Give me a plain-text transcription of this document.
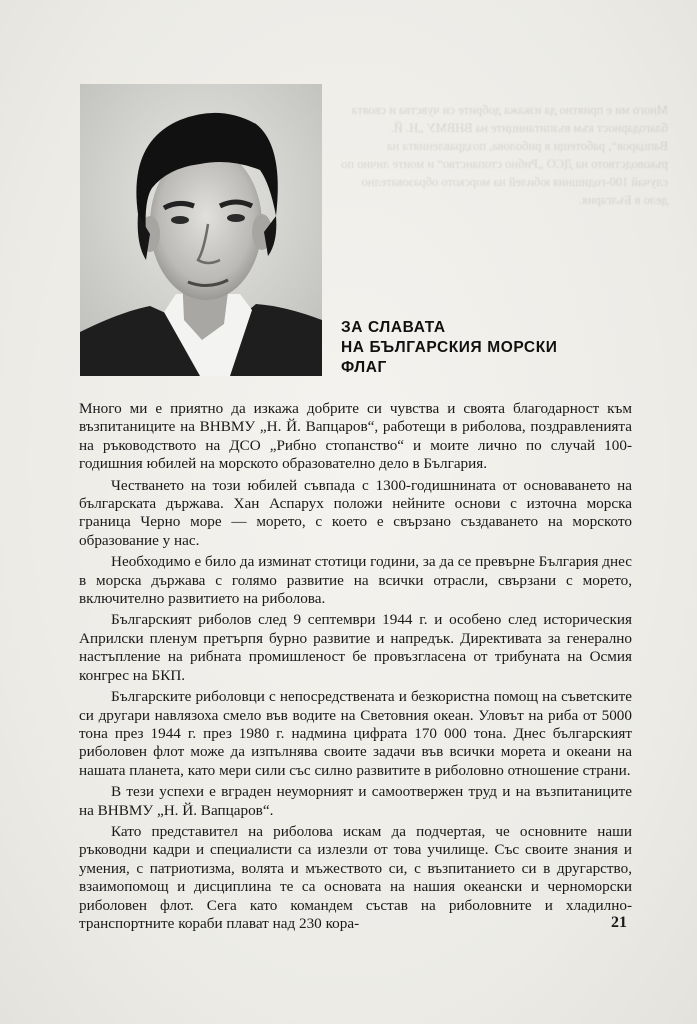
Много ми е приятно да изкажа добрите си чувства и своята благодарност към възпитаниците на ВНВМУ „Н. Й. Вапцаров“, работещи в риболова, поздравленията на ръководството на ДСО „Рибно стопанство“ и моите лично по случай 100-годишния юбилей на морското образователно дело в България.

ЗА СЛАВАТА
НА БЪЛГАРСКИЯ МОРСКИ
ФЛАГ

Много ми е приятно да изкажа добрите си чувства и своята благодарност към възпитаниците на ВНВМУ „Н. Й. Вапцаров“, работещи в риболова, поздравленията на ръководството на ДСО „Рибно стопанство“ и моите лично по случай 100-годишния юбилей на морското образователно дело в България.

Честването на този юбилей съвпада с 1300-годишнината от основаването на българската държава. Хан Аспарух положи нейните основи с източна морска граница Черно море — морето, с което е свързано създаването на морското образование у нас.

Необходимо е било да изминат стотици години, за да се превърне България днес в морска държава с голямо развитие на всички отрасли, свързани с морето, включително развитието на риболова.

Българският риболов след 9 септември 1944 г. и особено след историческия Априлски пленум претърпя бурно развитие и напредък. Директивата за генерално настъпление на рибната промишленост бе провъзгласена от трибуната на Осмия конгрес на БКП.

Българските риболовци с непосредствената и безкористна помощ на съветските си другари навлязоха смело във водите на Световния океан. Уловът на риба от 5000 тона през 1944 г. през 1980 г. надмина цифрата 170 000 тона. Днес българският риболовен флот може да изпълнява своите задачи във всички морета и океани на нашата планета, като мери сили със силно развитите в риболовно отношение страни.

В тези успехи е вграден неуморният и самоотвержен труд и на възпитаниците на ВНВМУ „Н. Й. Вапцаров“.

Като представител на риболова искам да подчертая, че основните наши ръководни кадри и специалисти са излезли от това училище. Със своите знания и умения, с патриотизма, волята и мъжеството си, с възпитанието си в другарство, взаимопомощ и дисциплина те са основата на нашия океански и черноморски риболовен флот. Сега като командем състав на риболовните и хладилно-транспортните кораби плават над 230 кора-	21
